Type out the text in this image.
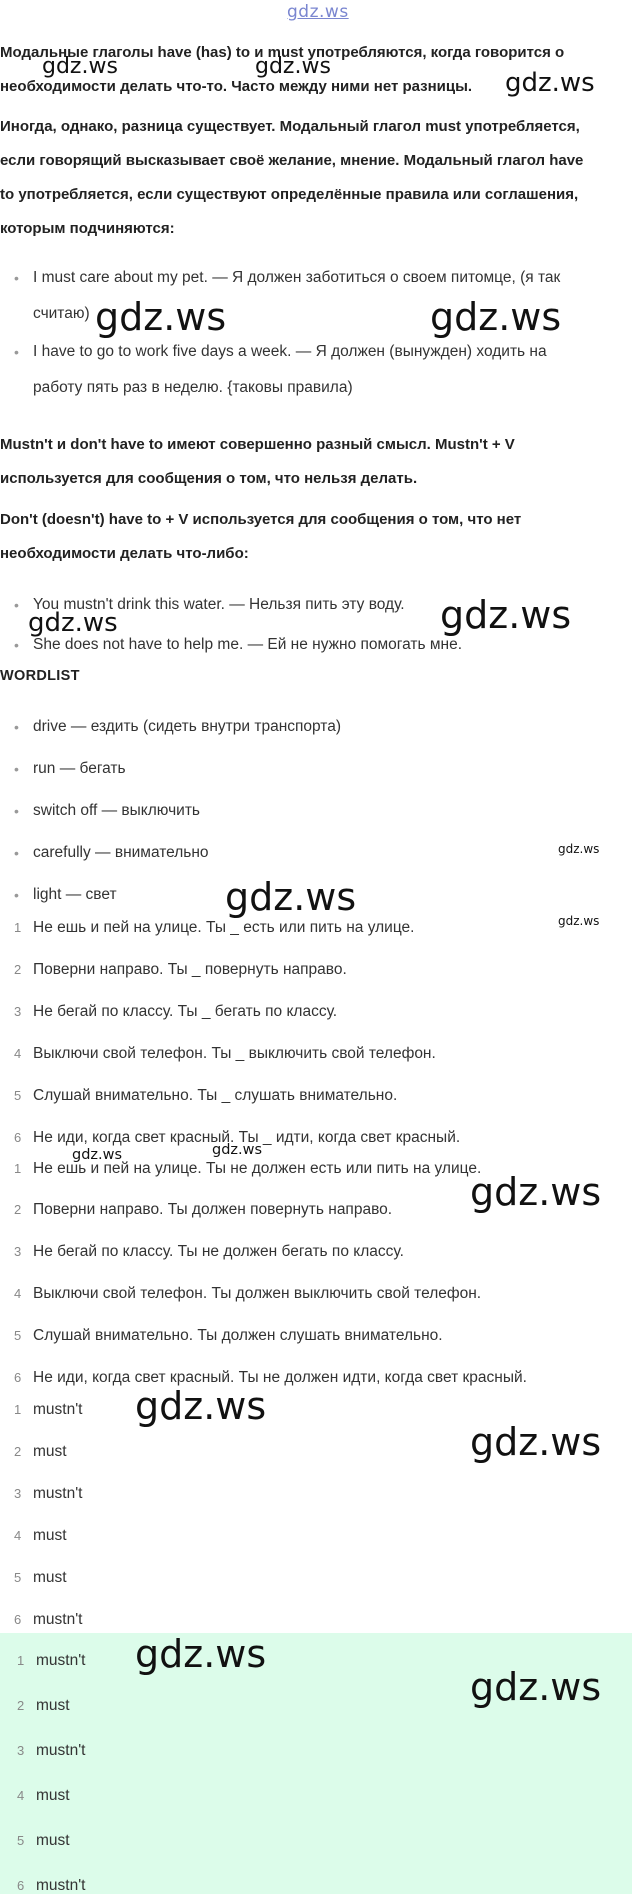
gdz.ws
Модальные глаголы have (has) to и must употребляются, когда говорится о
необходимости делать что-то. Часто между ними нет разницы.
Иногда, однако, разница существует. Модальный глагол must употребляется,
если говорящий высказывает своё желание, мнение. Модальный глагол have
to употребляется, если существуют определённые правила или соглашения,
которым подчиняются:
• I must care about my pet. — Я должен заботиться о своем питомце, (я так
считаю)
• I have to go to work five days a week. — Я должен (вынужден) ходить на
работу пять раз в неделю. {таковы правила)
Mustn't и don't have to имеют совершенно разный смысл. Mustn't + V
используется для сообщения о том, что нельзя делать.
Don't (doesn't) have to + V используется для сообщения о том, что нет
необходимости делать что-либо:
• You mustn't drink this water. — Нельзя пить эту воду.
• She does not have to help me. — Ей не нужно помогать мне.
WORDLIST
• drive — ездить (сидеть внутри транспорта)
• run — бегать
• switch off — выключить
• carefully — внимательно
• light — свет
1 Не ешь и пей на улице. Ты _ есть или пить на улице.
2 Поверни направо. Ты _ повернуть направо.
3 Не бегай по классу. Ты _ бегать по классу.
4 Выключи свой телефон. Ты _ выключить свой телефон.
5 Слушай внимательно. Ты _ слушать внимательно.
6 Не иди, когда свет красный. Ты _ идти, когда свет красный.
1 Не ешь и пей на улице. Ты не должен есть или пить на улице.
2 Поверни направо. Ты должен повернуть направо.
3 Не бегай по классу. Ты не должен бегать по классу.
4 Выключи свой телефон. Ты должен выключить свой телефон.
5 Слушай внимательно. Ты должен слушать внимательно.
6 Не иди, когда свет красный. Ты не должен идти, когда свет красный.
1 mustn't
2 must
3 mustn't
4 must
5 must
6 mustn't
1 mustn't
2 must
3 mustn't
4 must
5 must
6 mustn't
gdz.ws	gdz.ws
gdz.ws
gdz.ws	gdz.ws
gdz.ws	gdz.ws
gdz.ws
gdz.ws
gdz.ws
gdz.ws	gdz.ws
gdz.ws
gdz.ws
gdz.ws
gdz.ws
gdz.ws
